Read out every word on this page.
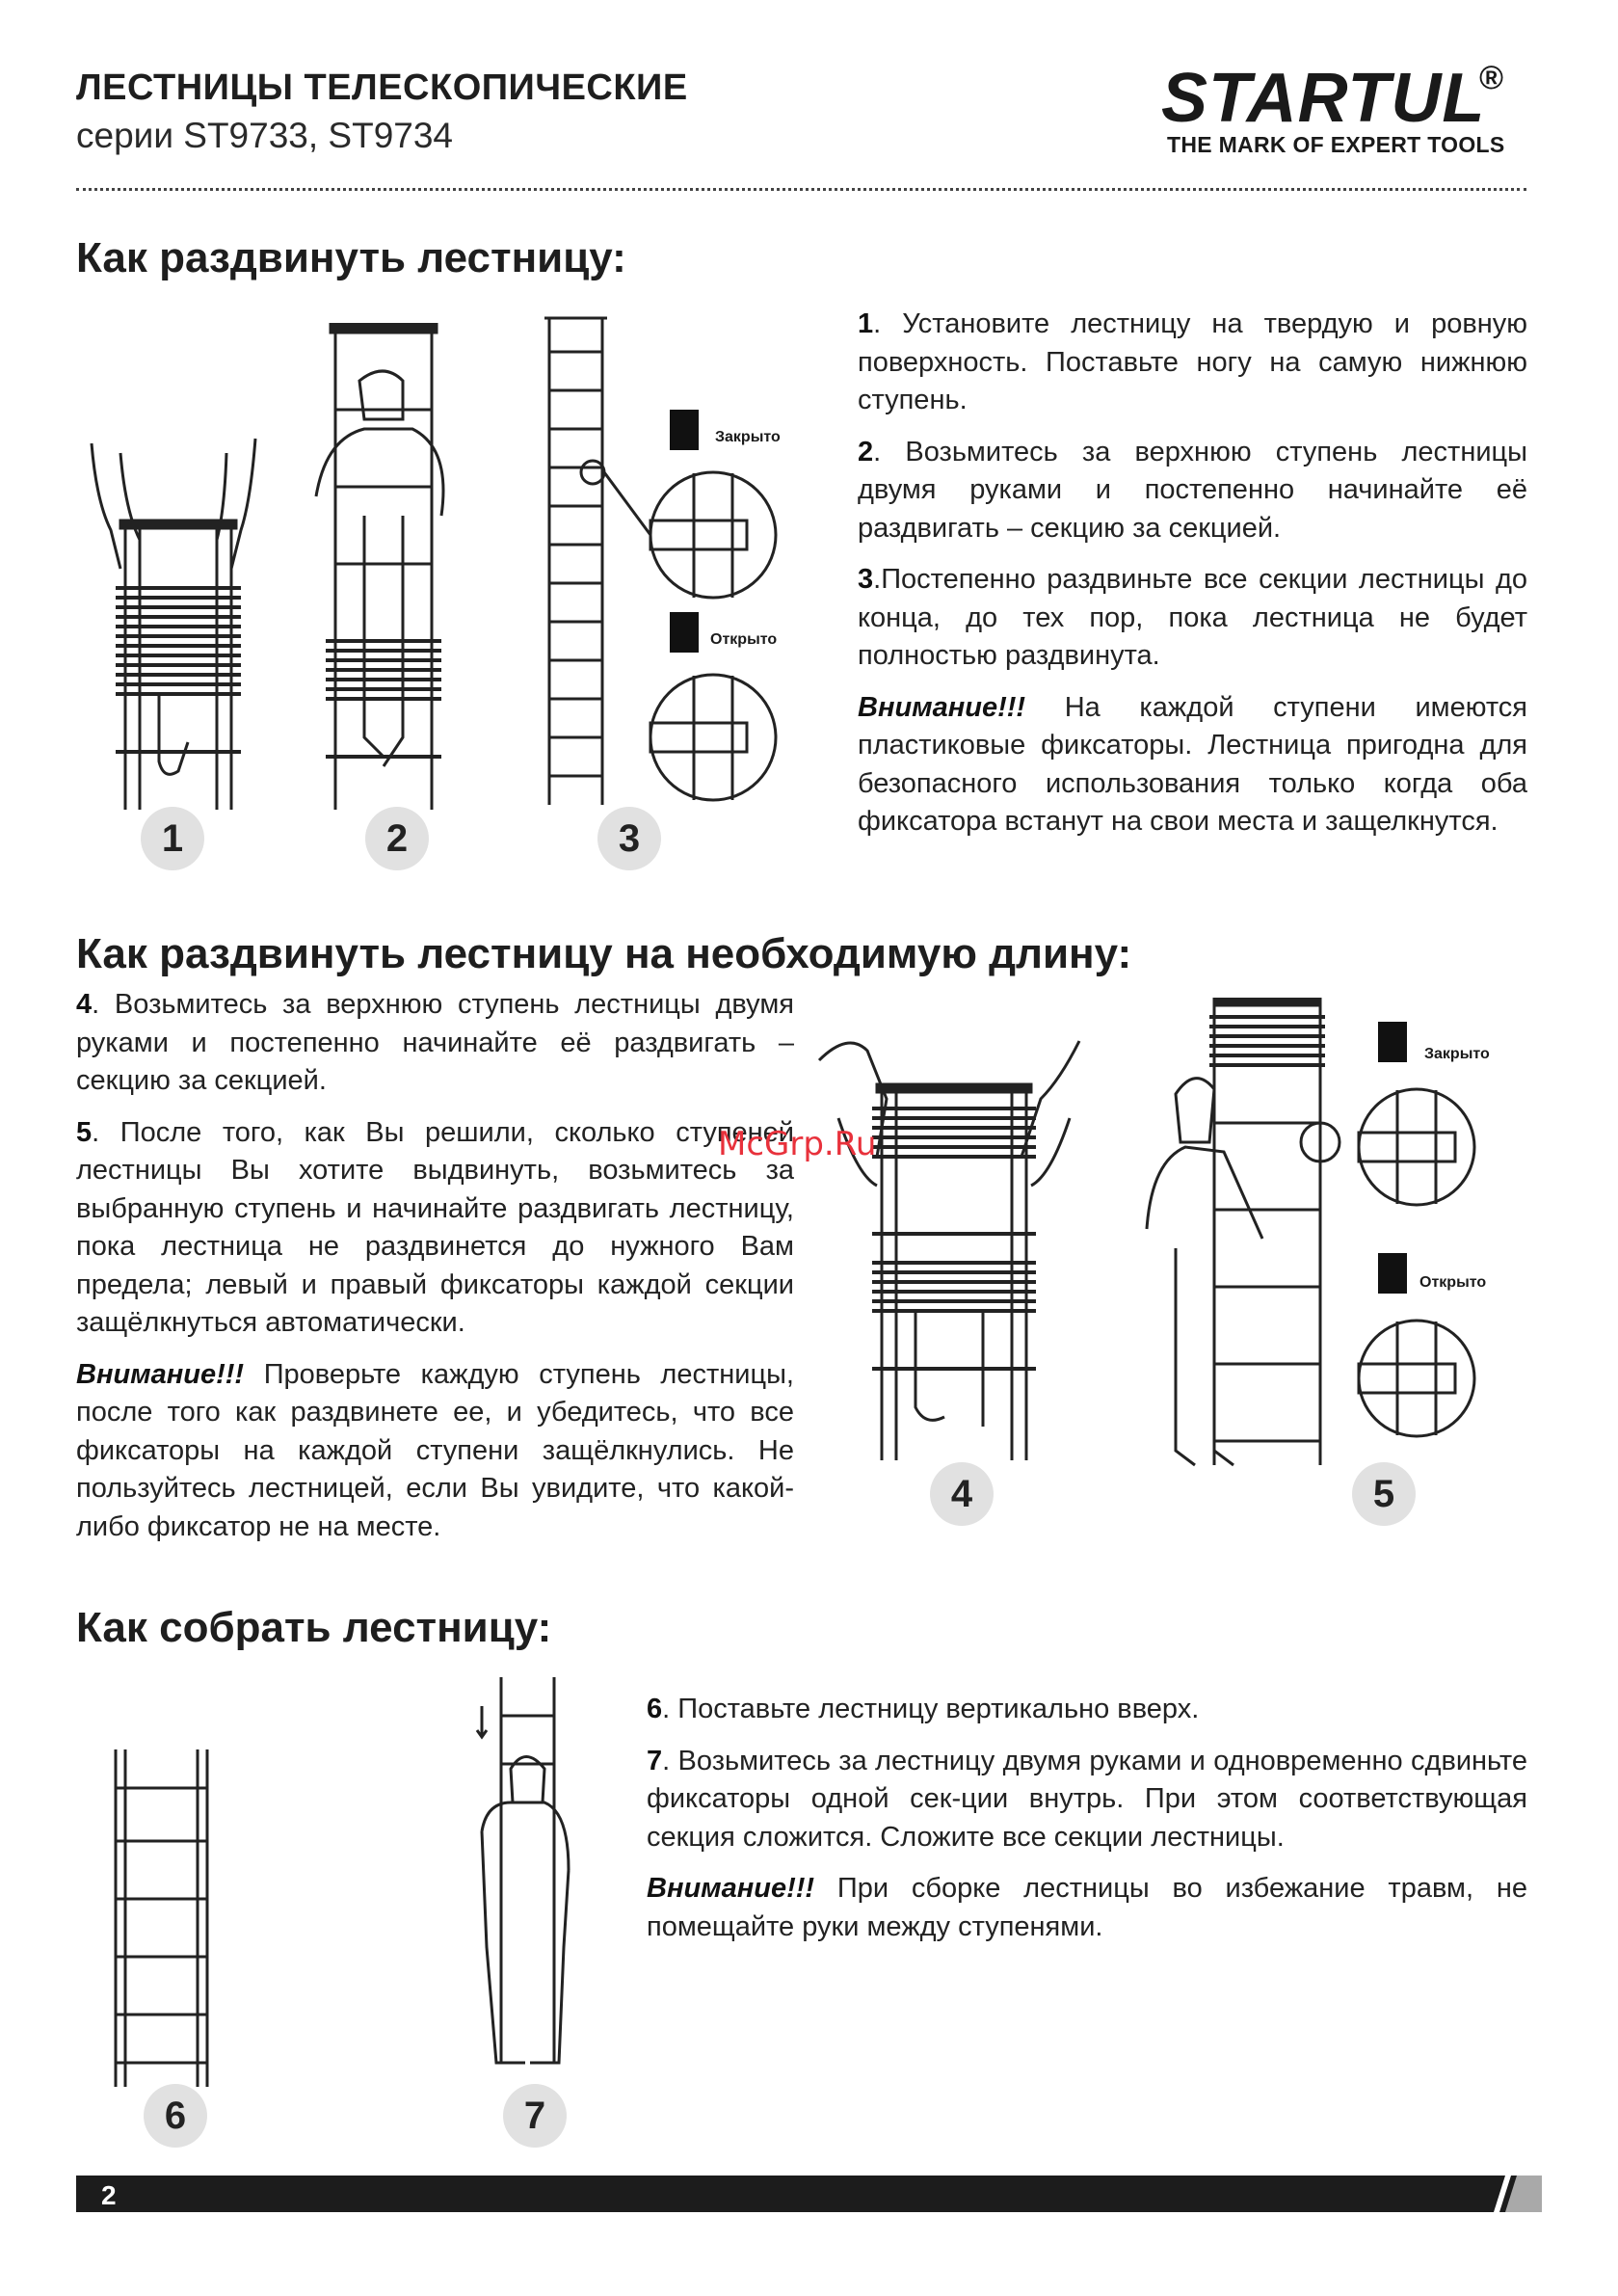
ЛЕСТНИЦЫ ТЕЛЕСКОПИЧЕСКИЕ
серии ST9733, ST9734	STARTUL
®
THE MARK OF EXPERT TOOLS
Как раздвинуть лестницу:
1	2
Закрыто
Открыто
3

1. Установите лестницу на твердую и ровную поверхность. Поставьте ногу на самую нижнюю ступень.

2. Возьмитесь за верхнюю ступень лестницы двумя руками и постепенно начинайте её раздвигать – секцию за секцией.

3.Постепенно раздвиньте все секции лестницы до конца, до тех пор, пока лестница не будет полностью раздвинута.

Внимание!!! На каждой ступени имеются пластиковые фиксаторы. Лестница пригодна для безопасного использования только когда оба фиксатора встанут на свои места и защелкнутся.

Как раздвинуть лестницу на необходимую длину:

4. Возьмитесь за верхнюю ступень лестницы двумя руками и постепенно начинайте её раздвигать – секцию за секцией.

5. После того, как Вы решили, сколько ступеней лестницы Вы хотите выдвинуть, возьмитесь за выбранную ступень и начинайте раздвигать лестницу, пока лестница не раздвинется до нужного Вам предела; левый и правый фиксаторы каждой секции защёлкнуться автоматически.

Внимание!!! Проверьте каждую ступень лестницы, после того как раздвинете ее, и убедитесь, что все фиксаторы на каждой ступени защёлкнулись. Не пользуйтесь лестницей, если Вы увидите, что какой-либо фиксатор не на месте.

4
Закрыто
Открыто
5
Как собрать лестницу:
6	7

6. Поставьте лестницу вертикально вверх.

7. Возьмитесь за лестницу двумя руками и одновременно сдвиньте фиксаторы одной сек-ции внутрь. При этом соответствующая секция сложится. Сложите все секции лестницы.

Внимание!!! При сборке лестницы во избежание травм, не помещайте руки между ступенями.

McGrp.Ru
2
